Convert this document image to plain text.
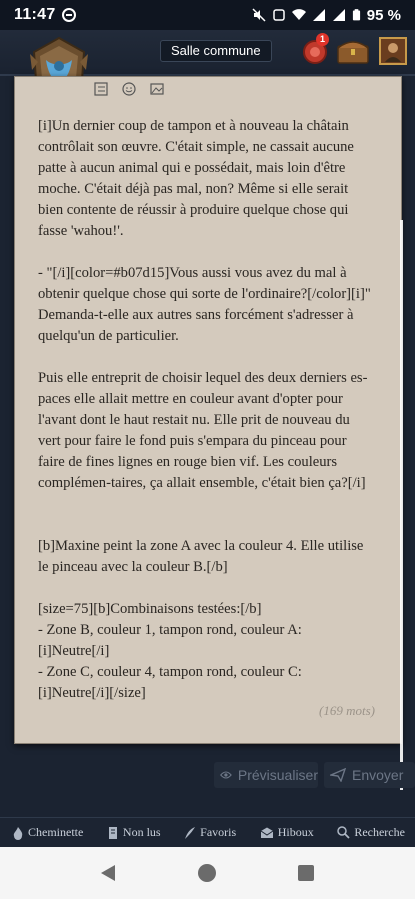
11:47	95 %
Salle commune
1

[i]Un dernier coup de tampon et à nouveau la châtain contrôlait son œuvre. C'était simple, ne cassait aucune patte à aucun animal qui e possédait, mais loin d'être moche. C'était déjà pas mal, non? Même si elle serait bien contente de réussir à produire quelque chose qui fasse 'wahou!'.

- "[/i][color=#b07d15]Vous aussi vous avez du mal à obtenir quelque chose qui sorte de l'ordinaire?[/color][i]" Demanda-t-elle aux autres sans forcément s'adresser à quelqu'un de particulier.

Puis elle entreprit de choisir lequel des deux derniers es-paces elle allait mettre en couleur avant d'opter pour l'avant dont le haut restait nu. Elle prit de nouveau du vert pour faire le fond puis s'empara du pinceau pour faire de fines lignes en rouge bien vif. Les couleurs complémen-taires, ça allait ensemble, c'était bien ça?[/i]

[b]Maxine peint la zone A avec la couleur 4. Elle utilise le pinceau avec la couleur B.[/b]

[size=75][b]Combinaisons testées:[/b]
- Zone B, couleur 1, tampon rond, couleur A: [i]Neutre[/i]
- Zone C, couleur 4, tampon rond, couleur C: [i]Neutre[/i][/size]
(169 mots)
Prévisualiser Envoyer
Cheminette	Non lus	Favoris	Hiboux	Recherche
